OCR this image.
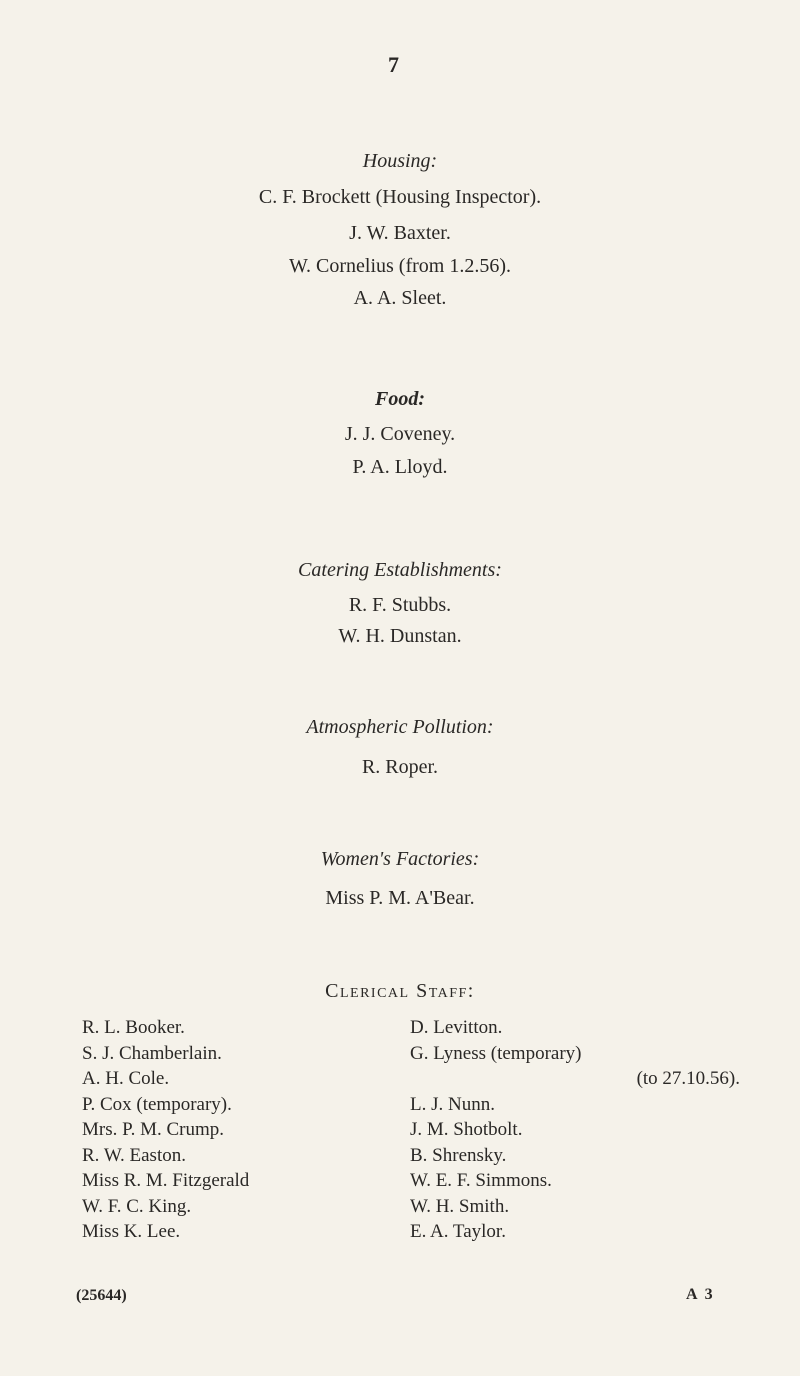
7
Housing:
C. F. Brockett (Housing Inspector).
J. W. Baxter.
W. Cornelius (from 1.2.56).
A. A. Sleet.
Food:
J. J. Coveney.
P. A. Lloyd.
Catering Establishments:
R. F. Stubbs.
W. H. Dunstan.
Atmospheric Pollution:
R. Roper.
Women's Factories:
Miss P. M. A'Bear.
Clerical Staff:
R. L. Booker.
S. J. Chamberlain.
A. H. Cole.
P. Cox (temporary).
Mrs. P. M. Crump.
R. W. Easton.
Miss R. M. Fitzgerald
W. F. C. King.
Miss K. Lee.
D. Levitton.
G. Lyness (temporary)
(to 27.10.56).
L. J. Nunn.
J. M. Shotbolt.
B. Shrensky.
W. E. F. Simmons.
W. H. Smith.
E. A. Taylor.
(25644)	A 3
